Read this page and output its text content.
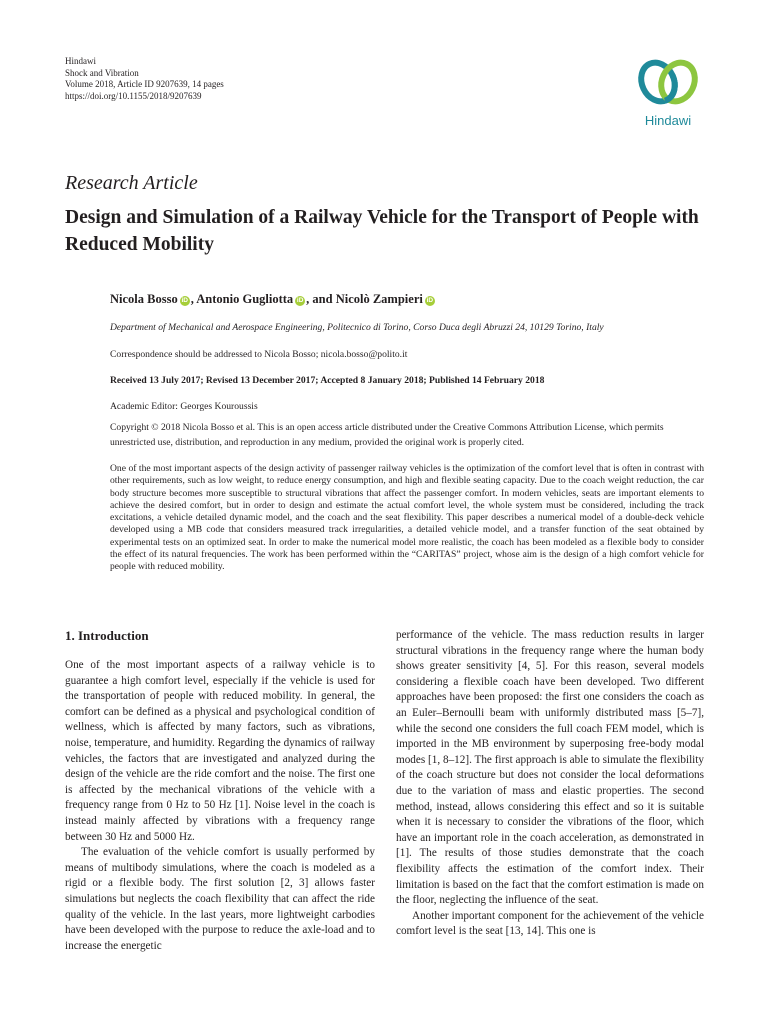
Hindawi
Shock and Vibration
Volume 2018, Article ID 9207639, 14 pages
https://doi.org/10.1155/2018/9207639
Hindawi
Research Article
Design and Simulation of a Railway Vehicle for the Transport of People with Reduced Mobility
Nicola Bosso iD , Antonio Gugliotta iD , and Nicolò Zampieri iD
Department of Mechanical and Aerospace Engineering, Politecnico di Torino, Corso Duca degli Abruzzi 24, 10129 Torino, Italy
Correspondence should be addressed to Nicola Bosso; nicola.bosso@polito.it
Received 13 July 2017; Revised 13 December 2017; Accepted 8 January 2018; Published 14 February 2018
Academic Editor: Georges Kouroussis
Copyright © 2018 Nicola Bosso et al. This is an open access article distributed under the Creative Commons Attribution License, which permits unrestricted use, distribution, and reproduction in any medium, provided the original work is properly cited.
One of the most important aspects of the design activity of passenger railway vehicles is the optimization of the comfort level that is often in contrast with other requirements, such as low weight, to reduce energy consumption, and high and flexible seating capacity. Due to the coach weight reduction, the car body structure becomes more susceptible to structural vibrations that affect the passenger comfort. In modern vehicles, seats are important elements to achieve the desired comfort, but in order to design and estimate the actual comfort level, the whole system must be considered, including the track excitations, a vehicle detailed dynamic model, and the coach and the seat flexibility. This paper describes a numerical model of a double-deck vehicle developed using a MB code that considers measured track irregularities, a detailed vehicle model, and a transfer function of the seat obtained by experimental tests on an optimized seat. In order to make the numerical model more realistic, the coach has been modeled as a flexible body to consider the effect of its natural frequencies. The work has been performed within the “CARITAS” project, whose aim is the design of a high comfort vehicle for people with reduced mobility.
1. Introduction

One of the most important aspects of a railway vehicle is to guarantee a high comfort level, especially if the vehicle is used for the transportation of people with reduced mobility. In general, the comfort can be defined as a physical and psychological condition of wellness, which is affected by many factors, such as vibrations, noise, temperature, and humidity. Regarding the dynamics of railway vehicles, the factors that are investigated and analyzed during the design of the vehicle are the ride comfort and the noise. The first one is affected by the mechanical vibrations of the vehicle with a frequency range from 0 Hz to 50 Hz [1]. Noise level in the coach is instead mainly affected by vibrations with a frequency range between 30 Hz and 5000 Hz.

The evaluation of the vehicle comfort is usually performed by means of multibody simulations, where the coach is modeled as a rigid or a flexible body. The first solution [2, 3] allows faster simulations but neglects the coach flexibility that can affect the ride quality of the vehicle. In the last years, more lightweight carbodies have been developed with the purpose to reduce the axle-load and to increase the energetic

performance of the vehicle. The mass reduction results in larger structural vibrations in the frequency range where the human body shows greater sensitivity [4, 5]. For this reason, several models considering a flexible coach have been developed. Two different approaches have been proposed: the first one considers the coach as an Euler–Bernoulli beam with uniformly distributed mass [5–7], while the second one considers the full coach FEM model, which is imported in the MB environment by superposing free-body modal modes [1, 8–12]. The first approach is able to simulate the flexibility of the coach structure but does not consider the local deformations due to the variation of mass and elastic properties. The second method, instead, allows considering this effect and so it is suitable when it is necessary to consider the vibrations of the floor, which have an important role in the coach acceleration, as demonstrated in [1]. The results of those studies demonstrate that the coach flexibility affects the estimation of the comfort index. Their limitation is based on the fact that the comfort estimation is made on the floor, neglecting the influence of the seat.

Another important component for the achievement of the vehicle comfort level is the seat [13, 14]. This one is
